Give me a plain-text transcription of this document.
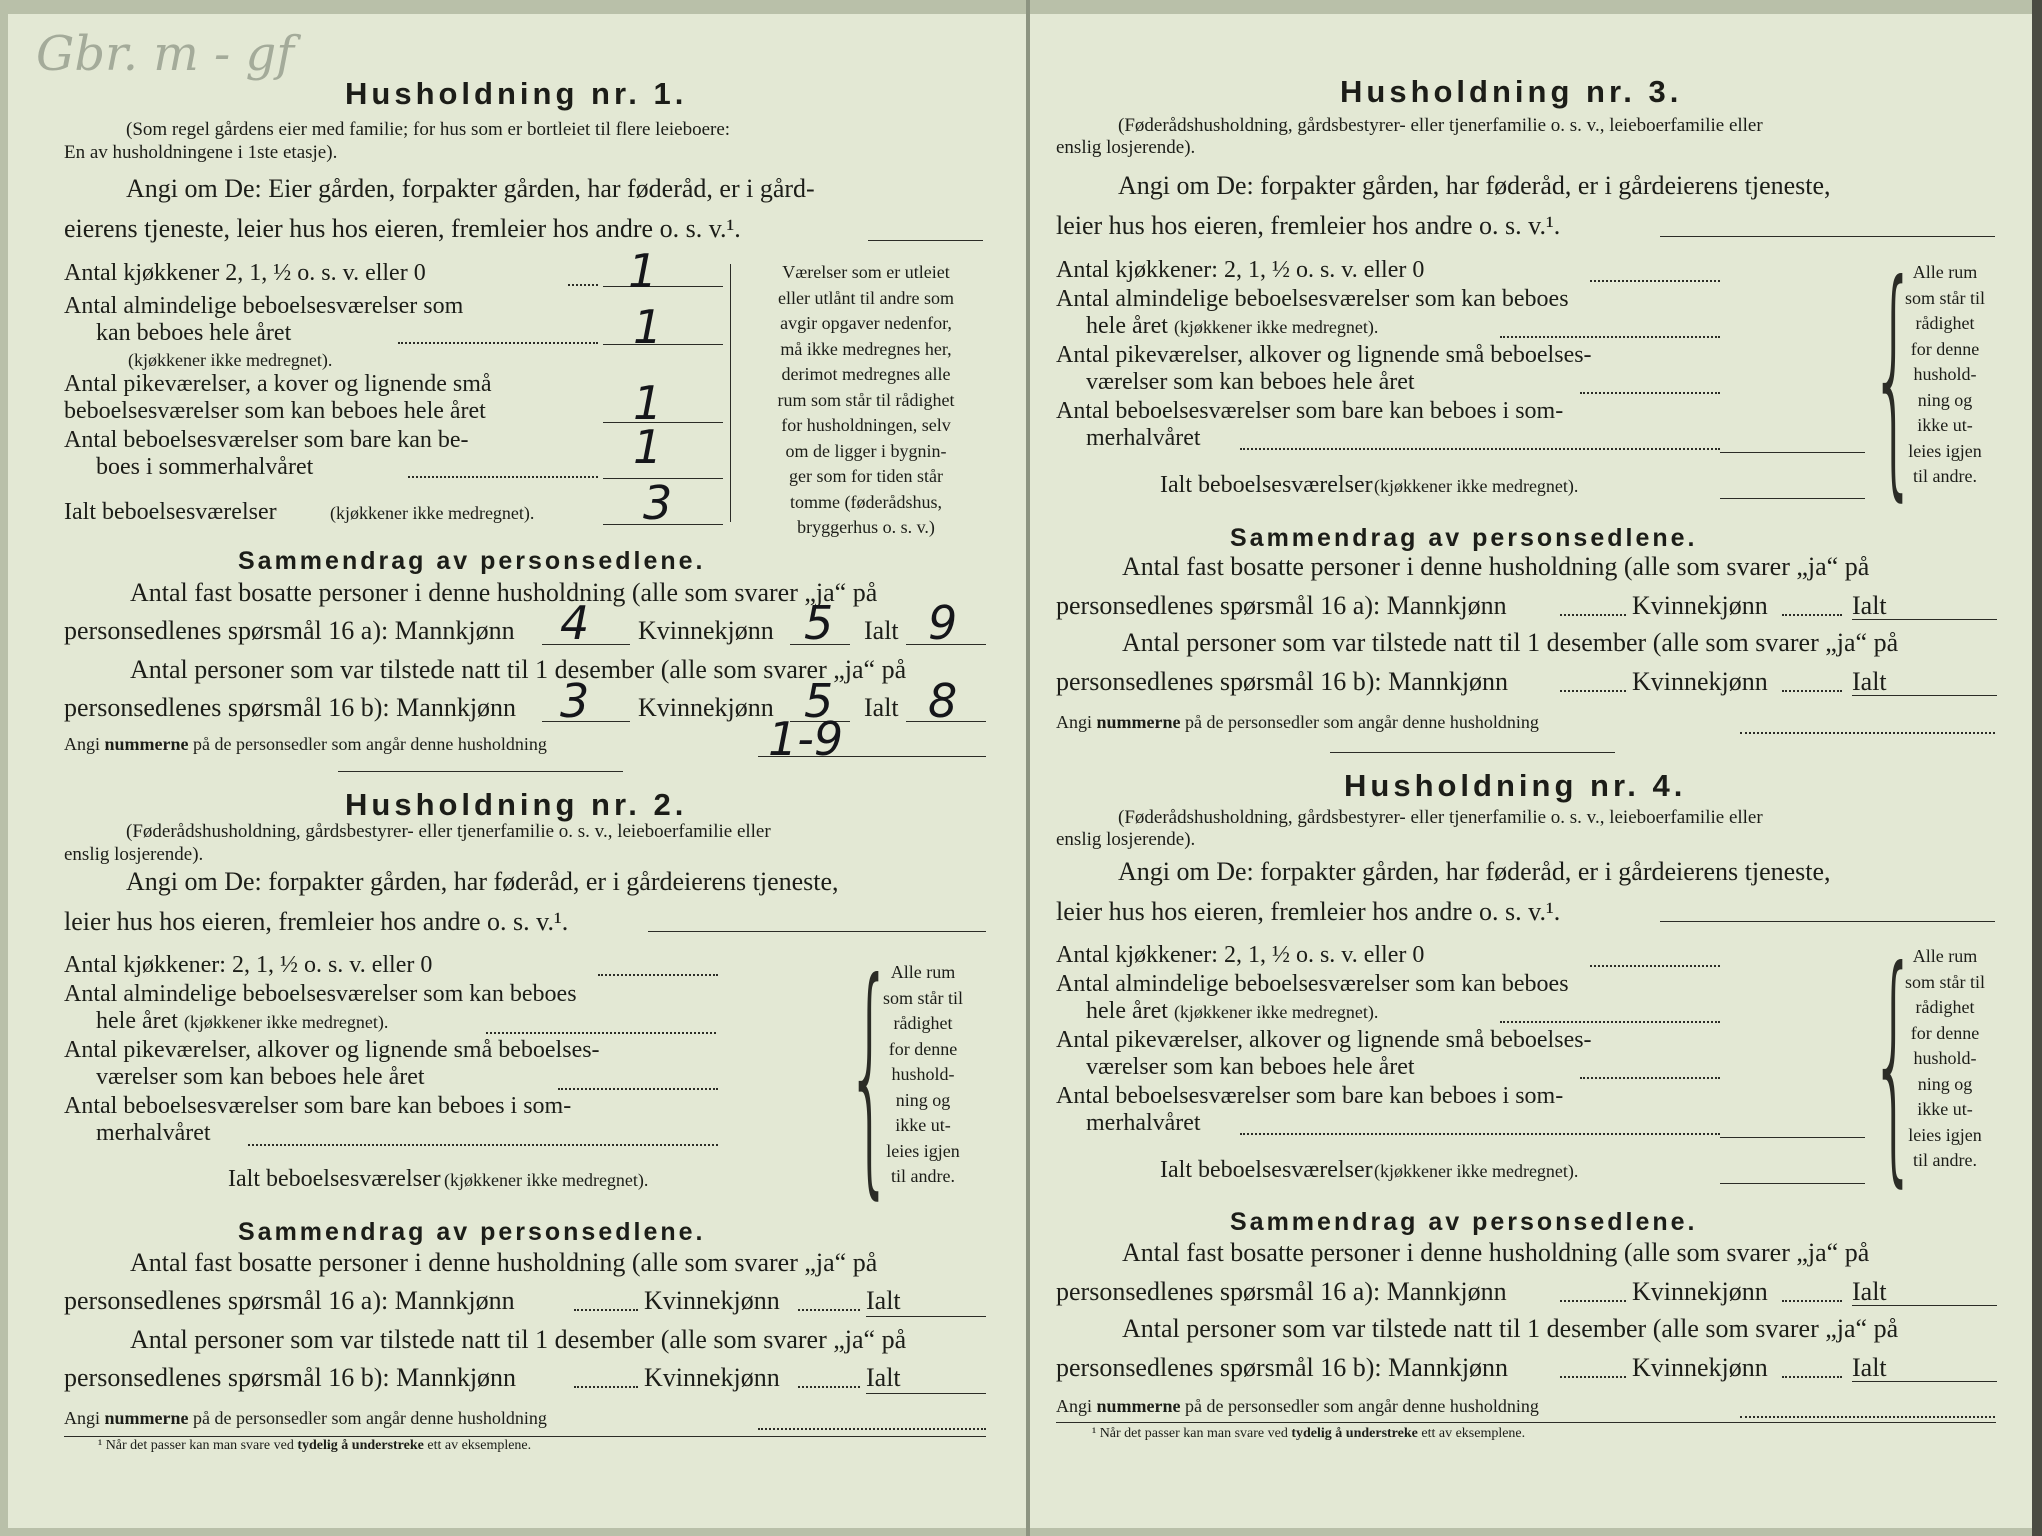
Gbr. m - gf
Husholdning nr. 1.
(Som regel gårdens eier med familie; for hus som er bortleiet til flere leieboere:
En av husholdningene i 1ste etasje).
Angi om De: Eier gården, forpakter gården, har føderåd, er i gård-
eierens tjeneste, leier hus hos eieren, fremleier hos andre o. s. v.¹.
Antal kjøkkener 2, 1, ½ o. s. v. eller 0	1
Antal almindelige beboelsesværelser som
kan beboes hele året	1
(kjøkkener ikke medregnet).
Antal pikeværelser, a kover og lignende små
beboelsesværelser som kan beboes hele året	1
Antal beboelsesværelser som bare kan be-
boes i sommerhalvåret	1
Ialt beboelsesværelser	(kjøkkener ikke medregnet). 3
Værelser som er utleiet
eller utlånt til andre som
avgir opgaver nedenfor,
må ikke medregnes her,
derimot medregnes alle
rum som står til rådighet
for husholdningen, selv
om de ligger i bygnin-
ger som for tiden står
tomme (føderådshus,
bryggerhus o. s. v.)
Sammendrag av personsedlene.
Antal fast bosatte personer i denne husholdning (alle som svarer „ja“ på
personsedlenes spørsmål 16 a): Mannkjønn 4 Kvinnekjønn 5 Ialt 9
Antal personer som var tilstede natt til 1 desember (alle som svarer „ja“ på
personsedlenes spørsmål 16 b): Mannkjønn 3 Kvinnekjønn 5 Ialt 8
Angi nummerne på de personsedler som angår denne husholdning	1-9
Husholdning nr. 2.
(Føderådshusholdning, gårdsbestyrer- eller tjenerfamilie o. s. v., leieboerfamilie eller
enslig losjerende).
Angi om De: forpakter gården, har føderåd, er i gårdeierens tjeneste,
leier hus hos eieren, fremleier hos andre o. s. v.¹.
Antal kjøkkener: 2, 1, ½ o. s. v. eller 0
Antal almindelige beboelsesværelser som kan beboes
hele året (kjøkkener ikke medregnet).
Antal pikeværelser, alkover og lignende små beboelses-
værelser som kan beboes hele året
Antal beboelsesværelser som bare kan beboes i som-
merhalvåret
Ialt beboelsesværelser (kjøkkener ikke medregnet). {
Alle rum
som står til
rådighet
for denne
hushold-
ning og
ikke ut-
leies igjen
til andre.
Sammendrag av personsedlene.
Antal fast bosatte personer i denne husholdning (alle som svarer „ja“ på
personsedlenes spørsmål 16 a): Mannkjønn	Kvinnekjønn	Ialt
Antal personer som var tilstede natt til 1 desember (alle som svarer „ja“ på
personsedlenes spørsmål 16 b): Mannkjønn	Kvinnekjønn	Ialt
Angi nummerne på de personsedler som angår denne husholdning
¹ Når det passer kan man svare ved tydelig å understreke ett av eksemplene.
Husholdning nr. 3.
(Føderådshusholdning, gårdsbestyrer- eller tjenerfamilie o. s. v., leieboerfamilie eller
enslig losjerende).
Angi om De: forpakter gården, har føderåd, er i gårdeierens tjeneste,
leier hus hos eieren, fremleier hos andre o. s. v.¹.
Antal kjøkkener: 2, 1, ½ o. s. v. eller 0
Antal almindelige beboelsesværelser som kan beboes
hele året (kjøkkener ikke medregnet).
Antal pikeværelser, alkover og lignende små beboelses-
værelser som kan beboes hele året
Antal beboelsesværelser som bare kan beboes i som-
merhalvåret
Ialt beboelsesværelser (kjøkkener ikke medregnet). {
Alle rum
som står til
rådighet
for denne
hushold-
ning og
ikke ut-
leies igjen
til andre.
Sammendrag av personsedlene.
Antal fast bosatte personer i denne husholdning (alle som svarer „ja“ på
personsedlenes spørsmål 16 a): Mannkjønn	Kvinnekjønn	Ialt
Antal personer som var tilstede natt til 1 desember (alle som svarer „ja“ på
personsedlenes spørsmål 16 b): Mannkjønn	Kvinnekjønn	Ialt
Angi nummerne på de personsedler som angår denne husholdning
Husholdning nr. 4.
(Føderådshusholdning, gårdsbestyrer- eller tjenerfamilie o. s. v., leieboerfamilie eller
enslig losjerende).
Angi om De: forpakter gården, har føderåd, er i gårdeierens tjeneste,
leier hus hos eieren, fremleier hos andre o. s. v.¹.
Antal kjøkkener: 2, 1, ½ o. s. v. eller 0
Antal almindelige beboelsesværelser som kan beboes
hele året (kjøkkener ikke medregnet).
Antal pikeværelser, alkover og lignende små beboelses-
værelser som kan beboes hele året
Antal beboelsesværelser som bare kan beboes i som-
merhalvåret
Ialt beboelsesværelser (kjøkkener ikke medregnet). {
Alle rum
som står til
rådighet
for denne
hushold-
ning og
ikke ut-
leies igjen
til andre.
Sammendrag av personsedlene.
Antal fast bosatte personer i denne husholdning (alle som svarer „ja“ på
personsedlenes spørsmål 16 a): Mannkjønn	Kvinnekjønn	Ialt
Antal personer som var tilstede natt til 1 desember (alle som svarer „ja“ på
personsedlenes spørsmål 16 b): Mannkjønn	Kvinnekjønn	Ialt
Angi nummerne på de personsedler som angår denne husholdning
¹ Når det passer kan man svare ved tydelig å understreke ett av eksemplene.
